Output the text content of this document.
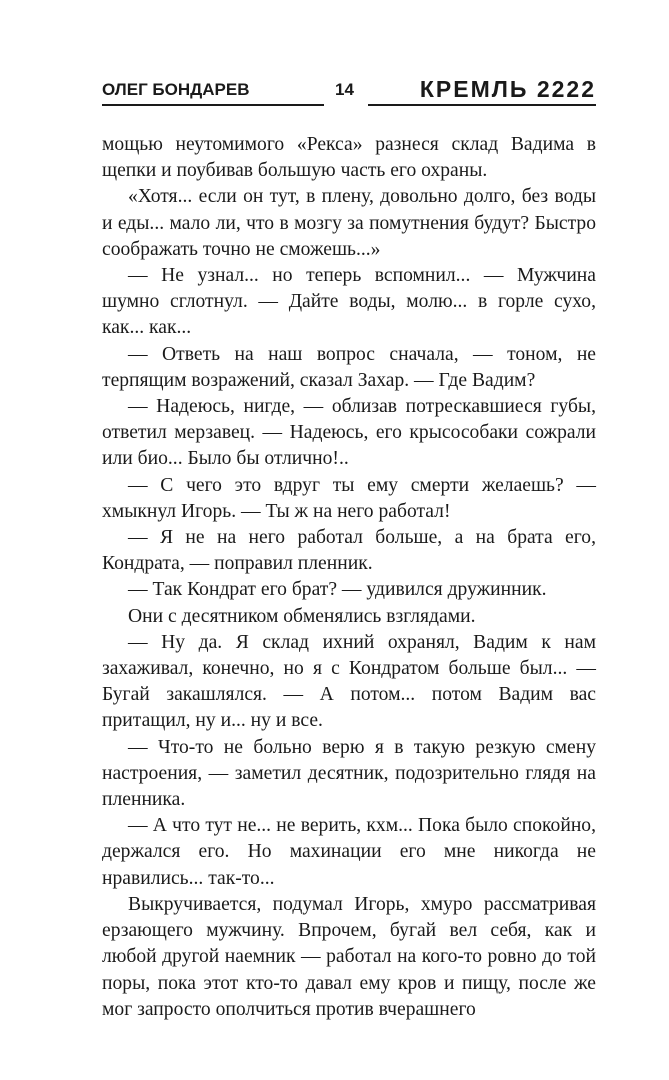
ОЛЕГ БОНДАРЕВ	14	КРЕМЛЬ 2222

мощью неутомимого «Рекса» разнеся склад Вадима в щепки и поубивав большую часть его охраны.

«Хотя... если он тут, в плену, довольно долго, без воды и еды... мало ли, что в мозгу за помутнения будут? Быстро соображать точно не сможешь...»

— Не узнал... но теперь вспомнил... — Мужчина шумно сглотнул. — Дайте воды, молю... в горле сухо, как... как...

— Ответь на наш вопрос сначала, — тоном, не терпящим возражений, сказал Захар. — Где Вадим?

— Надеюсь, нигде, — облизав потрескавшиеся губы, ответил мерзавец. — Надеюсь, его крысособаки сожрали или био... Было бы отлично!..

— С чего это вдруг ты ему смерти желаешь? — хмыкнул Игорь. — Ты ж на него работал!

— Я не на него работал больше, а на брата его, Кондрата, — поправил пленник.

— Так Кондрат его брат? — удивился дружинник.

Они с десятником обменялись взглядами.

— Ну да. Я склад ихний охранял, Вадим к нам захаживал, конечно, но я с Кондратом больше был... — Бугай закашлялся. — А потом... потом Вадим вас притащил, ну и... ну и все.

— Что-то не больно верю я в такую резкую смену настроения, — заметил десятник, подозрительно глядя на пленника.

— А что тут не... не верить, кхм... Пока было спокойно, держался его. Но махинации его мне никогда не нравились... так-то...

Выкручивается, подумал Игорь, хмуро рассматривая ерзающего мужчину. Впрочем, бугай вел себя, как и любой другой наемник — работал на кого-то ровно до той поры, пока этот кто-то давал ему кров и пищу, после же мог запросто ополчиться против вчерашнего
